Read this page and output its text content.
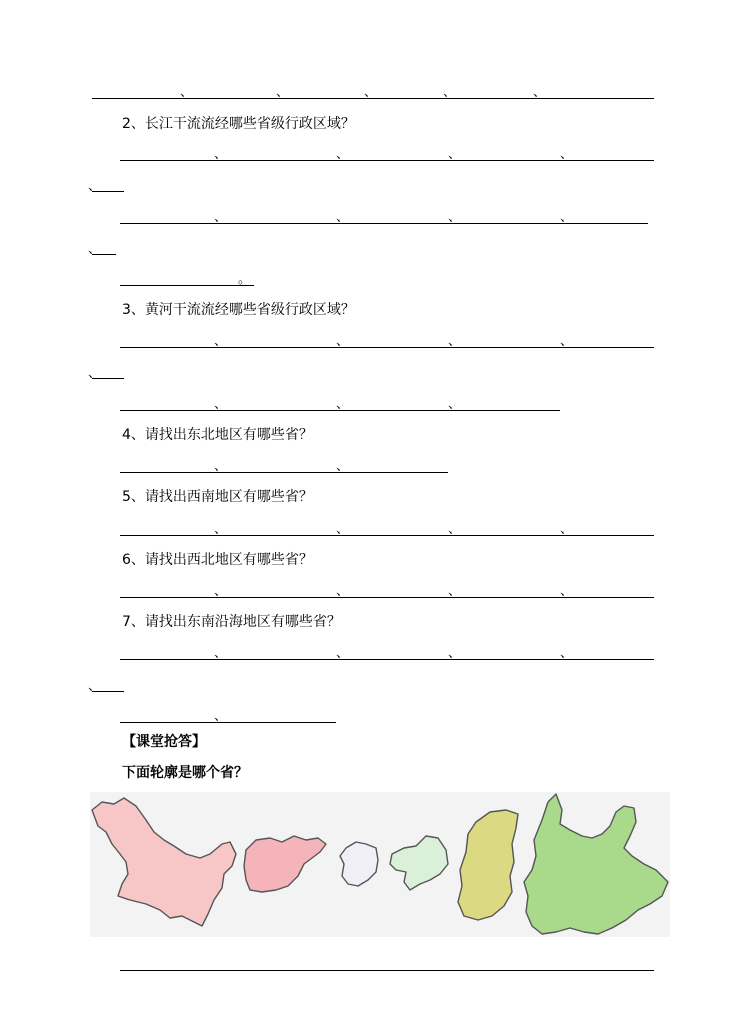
、	、	、	、	、
2、长江干流流经哪些省级行政区域？
、	、	、	、
、
、	、	、	、
、
。
3、黄河干流流经哪些省级行政区域？
、	、	、	、
、
、	、	、
4、请找出东北地区有哪些省？
、	、
5、请找出西南地区有哪些省？
、	、	、	、
6、请找出西北地区有哪些省？
、	、	、	、
7、请找出东南沿海地区有哪些省？
、	、	、	、
、
、
【课堂抢答】
下面轮廓是哪个省？
